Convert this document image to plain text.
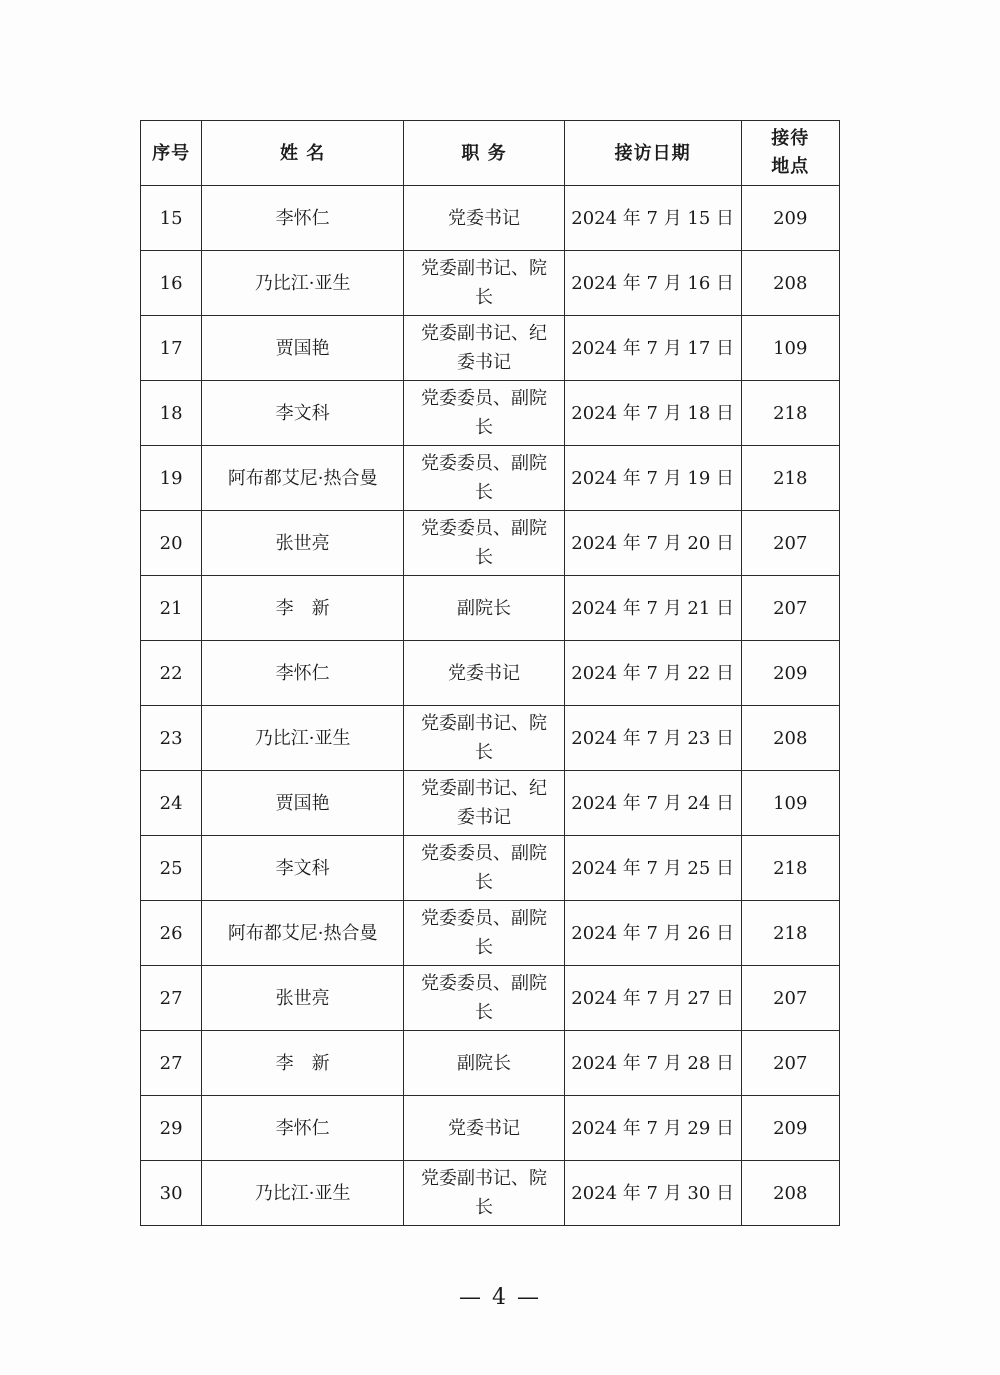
序号	姓 名	职 务	接访日期	接待地点
15	李怀仁	党委书记	2024 年 7 月 15 日	209
16	乃比江·亚生	党委副书记、院长	2024 年 7 月 16 日	208
17	贾国艳	党委副书记、纪委书记	2024 年 7 月 17 日	109
18	李文科	党委委员、副院长	2024 年 7 月 18 日	218
19	阿布都艾尼·热合曼	党委委员、副院长	2024 年 7 月 19 日	218
20	张世亮	党委委员、副院长	2024 年 7 月 20 日	207
21	李　新	副院长	2024 年 7 月 21 日	207
22	李怀仁	党委书记	2024 年 7 月 22 日	209
23	乃比江·亚生	党委副书记、院长	2024 年 7 月 23 日	208
24	贾国艳	党委副书记、纪委书记	2024 年 7 月 24 日	109
25	李文科	党委委员、副院长	2024 年 7 月 25 日	218
26	阿布都艾尼·热合曼	党委委员、副院长	2024 年 7 月 26 日	218
27	张世亮	党委委员、副院长	2024 年 7 月 27 日	207
27	李　新	副院长	2024 年 7 月 28 日	207
29	李怀仁	党委书记	2024 年 7 月 29 日	209
30	乃比江·亚生	党委副书记、院长	2024 年 7 月 30 日	208
— 4 —
